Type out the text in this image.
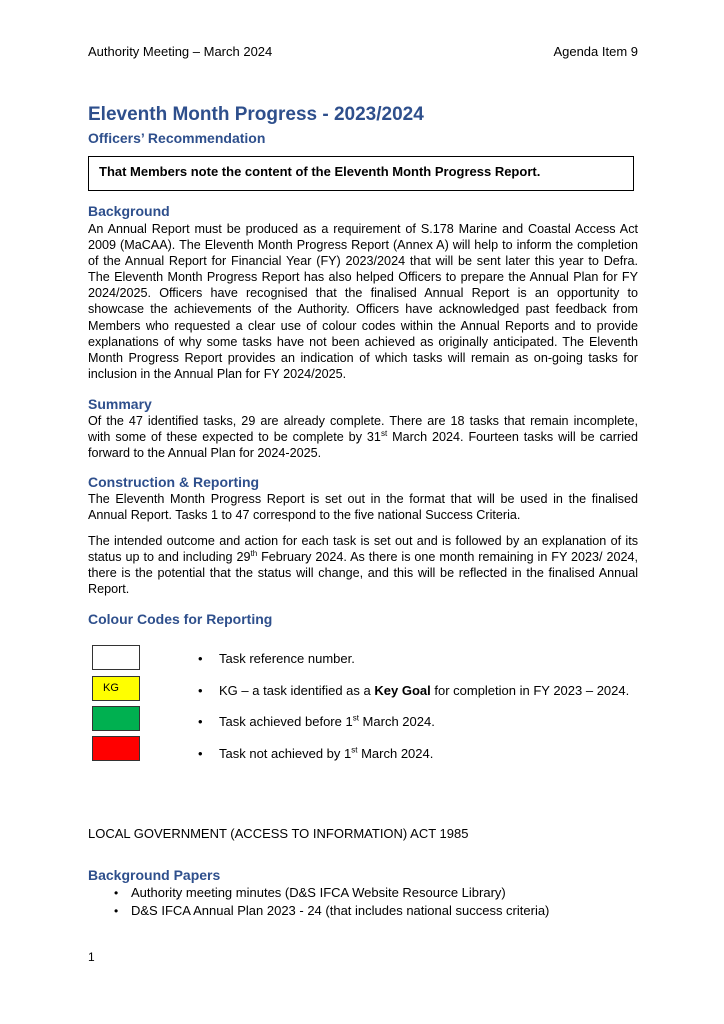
Authority Meeting – March 2024	Agenda Item 9
Eleventh Month Progress - 2023/2024
Officers’ Recommendation
That Members note the content of the Eleventh Month Progress Report.
Background
An Annual Report must be produced as a requirement of S.178 Marine and Coastal Access Act 2009 (MaCAA). The Eleventh Month Progress Report (Annex A) will help to inform the completion of the Annual Report for Financial Year (FY) 2023/2024 that will be sent later this year to Defra. The Eleventh Month Progress Report has also helped Officers to prepare the Annual Plan for FY 2024/2025. Officers have recognised that the finalised Annual Report is an opportunity to showcase the achievements of the Authority. Officers have acknowledged past feedback from Members who requested a clear use of colour codes within the Annual Reports and to provide explanations of why some tasks have not been achieved as originally anticipated. The Eleventh Month Progress Report provides an indication of which tasks will remain as on-going tasks for inclusion in the Annual Plan for FY 2024/2025.
Summary
Of the 47 identified tasks, 29 are already complete. There are 18 tasks that remain incomplete, with some of these expected to be complete by 31st March 2024. Fourteen tasks will be carried forward to the Annual Plan for 2024-2025.
Construction & Reporting
The Eleventh Month Progress Report is set out in the format that will be used in the finalised Annual Report. Tasks 1 to 47 correspond to the five national Success Criteria.
The intended outcome and action for each task is set out and is followed by an explanation of its status up to and including 29th February 2024. As there is one month remaining in FY 2023/ 2024, there is the potential that the status will change, and this will be reflected in the finalised Annual Report.
Colour Codes for Reporting
KG
• Task reference number.
• KG – a task identified as a Key Goal for completion in FY 2023 – 2024.
• Task achieved before 1st March 2024.
• Task not achieved by 1st March 2024.
LOCAL GOVERNMENT (ACCESS TO INFORMATION) ACT 1985
Background Papers
• Authority meeting minutes (D&S IFCA Website Resource Library)
• D&S IFCA Annual Plan 2023 - 24 (that includes national success criteria)
1
